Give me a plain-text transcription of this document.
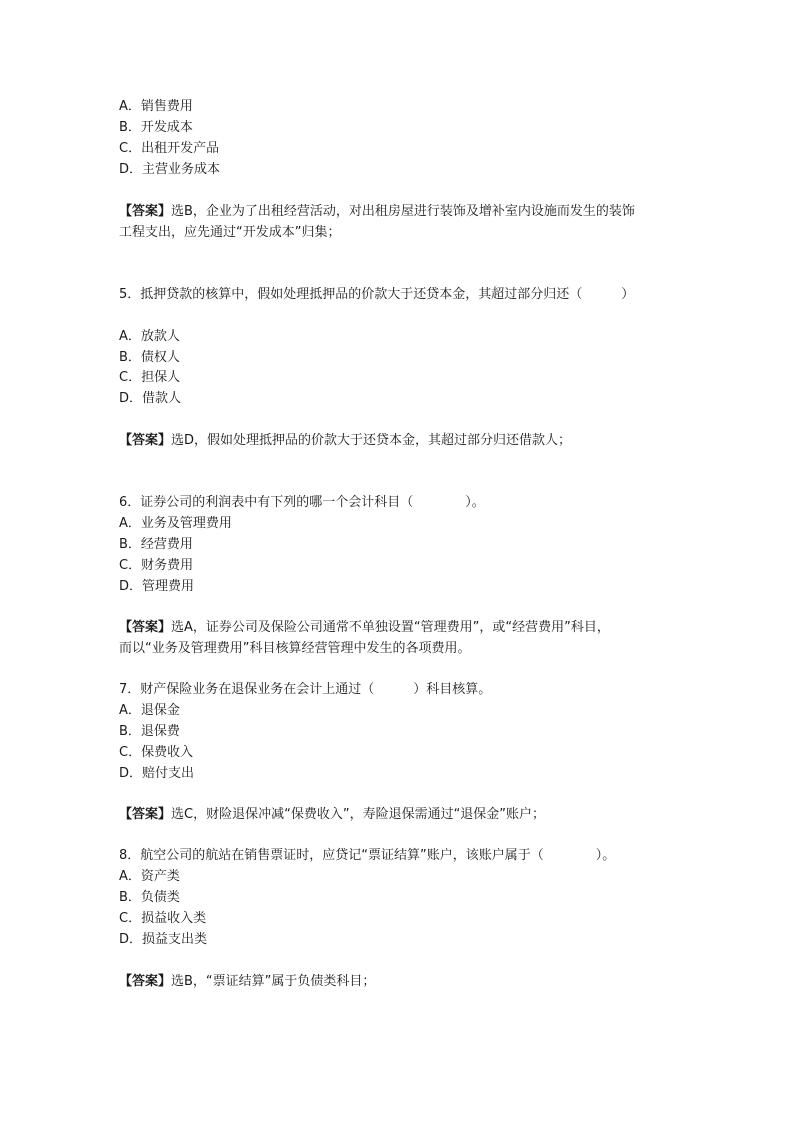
A．销售费用
B．开发成本
C．出租开发产品
D．主营业务成本
【答案】选B，企业为了出租经营活动，对出租房屋进行装饰及增补室内设施而发生的装饰
工程支出，应先通过“开发成本”归集；
5．抵押贷款的核算中，假如处理抵押品的价款大于还贷本金，其超过部分归还（　　　）
A．放款人
B．债权人
C．担保人
D．借款人
【答案】选D，假如处理抵押品的价款大于还贷本金，其超过部分归还借款人；
6．证券公司的利润表中有下列的哪一个会计科目（　　　　）。
A．业务及管理费用
B．经营费用
C．财务费用
D．管理费用
【答案】选A，证券公司及保险公司通常不单独设置“管理费用”，或“经营费用”科目，
而以“业务及管理费用”科目核算经营管理中发生的各项费用。
7．财产保险业务在退保业务在会计上通过（　　　）科目核算。
A．退保金
B．退保费
C．保费收入
D．赔付支出
【答案】选C，财险退保冲减“保费收入”，寿险退保需通过“退保金”账户；
8．航空公司的航站在销售票证时，应贷记“票证结算”账户，该账户属于（　　　　）。
A．资产类
B．负债类
C．损益收入类
D．损益支出类
【答案】选B，“票证结算”属于负债类科目；
